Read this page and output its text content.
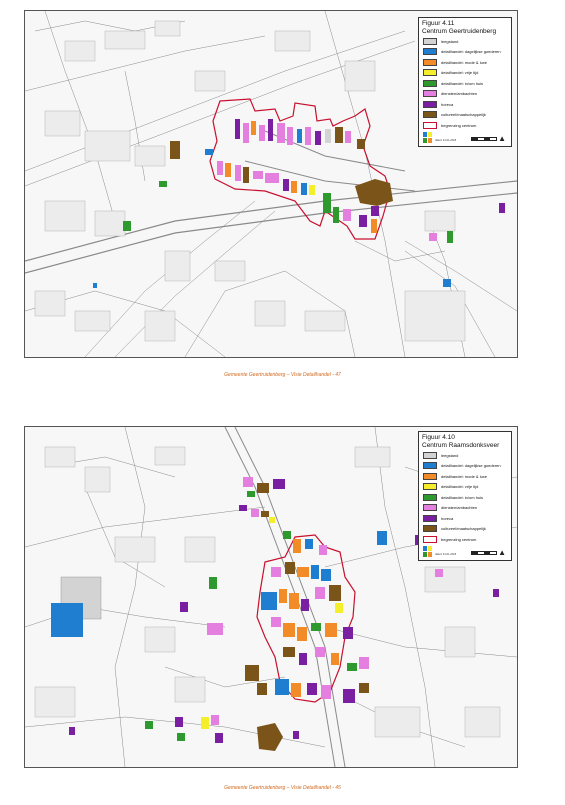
Figuur 4.11
Centrum Geertruidenberg
leegstand
detailhandel: dagelijkse goederen
detailhandel: mode & luxe
detailhandel: vrije tijd
detailhandel: in/om huis
diensten/ambachten
horeca
cultureel/maatschappelijk
begrenzing centrum
datum 31-01-2015	▲
Gemeente Geertruidenberg – Visie Detailhandel - 47
Figuur 4.10
Centrum Raamsdonksveer
leegstand
detailhandel: dagelijkse goederen
detailhandel: mode & luxe
detailhandel: vrije tijd
detailhandel: in/om huis
diensten/ambachten
horeca
cultureel/maatschappelijk
begrenzing centrum
datum 31-01-2015	▲
Gemeente Geertruidenberg – Visie Detailhandel - 45
